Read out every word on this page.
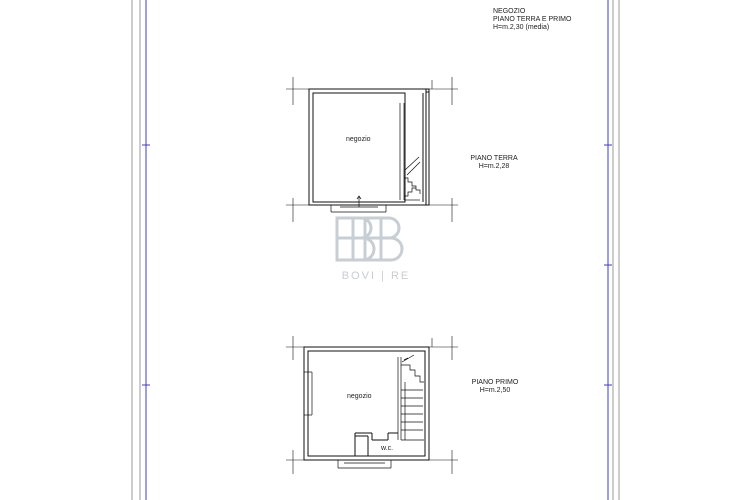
BOVI | RE
NEGOZIO
PIANO TERRA E PRIMO
H=m.2,30 (media)
negozio
PIANO TERRA
H=m.2,28
negozio
w.c.
PIANO PRIMO
H=m.2,50
